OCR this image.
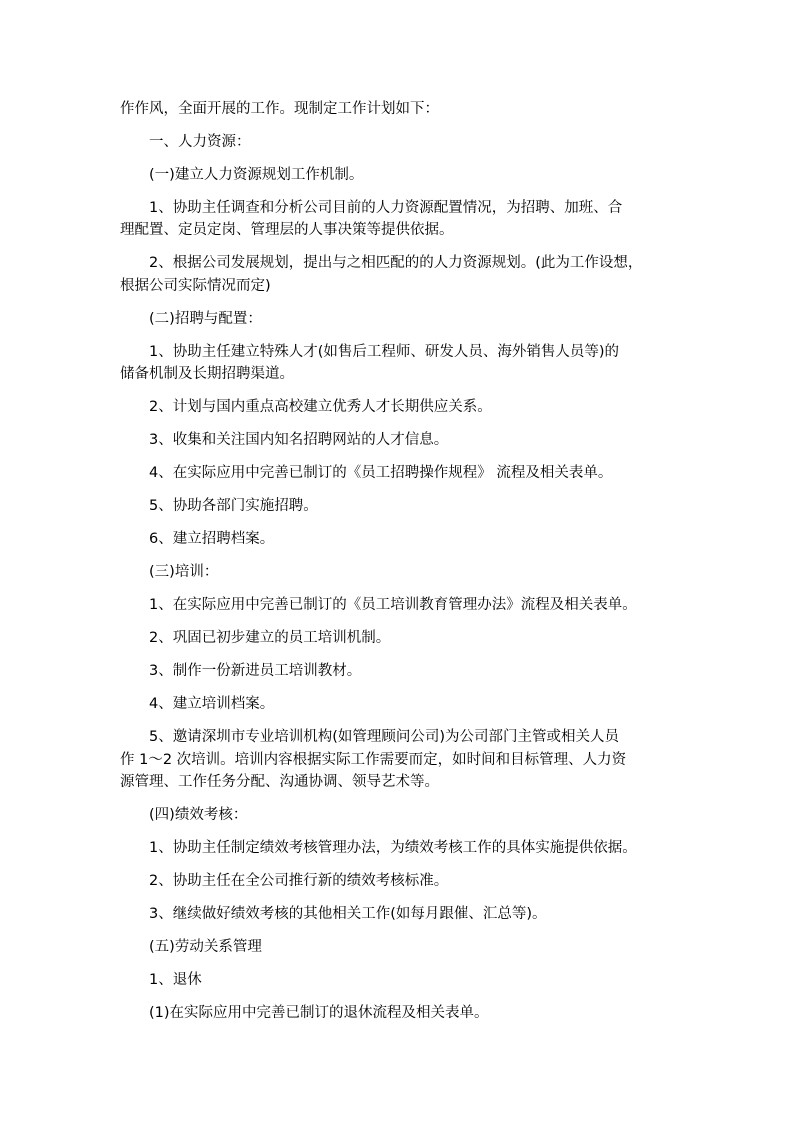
作作风，全面开展的工作。现制定工作计划如下：
一、人力资源：
(一)建立人力资源规划工作机制。
1、协助主任调查和分析公司目前的人力资源配置情况，为招聘、加班、合
理配置、定员定岗、管理层的人事决策等提供依据。
2、根据公司发展规划，提出与之相匹配的的人力资源规划。(此为工作设想，
根据公司实际情况而定)
(二)招聘与配置：
1、协助主任建立特殊人才(如售后工程师、研发人员、海外销售人员等)的
储备机制及长期招聘渠道。
2、计划与国内重点高校建立优秀人才长期供应关系。
3、收集和关注国内知名招聘网站的人才信息。
4、在实际应用中完善已制订的《员工招聘操作规程》 流程及相关表单。
5、协助各部门实施招聘。
6、建立招聘档案。
(三)培训：
1、在实际应用中完善已制订的《员工培训教育管理办法》流程及相关表单。
2、巩固已初步建立的员工培训机制。
3、制作一份新进员工培训教材。
4、建立培训档案。
5、邀请深圳市专业培训机构(如管理顾问公司)为公司部门主管或相关人员
作 1～2 次培训。培训内容根据实际工作需要而定，如时间和目标管理、人力资
源管理、工作任务分配、沟通协调、领导艺术等。
(四)绩效考核：
1、协助主任制定绩效考核管理办法，为绩效考核工作的具体实施提供依据。
2、协助主任在全公司推行新的绩效考核标准。
3、继续做好绩效考核的其他相关工作(如每月跟催、汇总等)。
(五)劳动关系管理
1、退休
(1)在实际应用中完善已制订的退休流程及相关表单。
